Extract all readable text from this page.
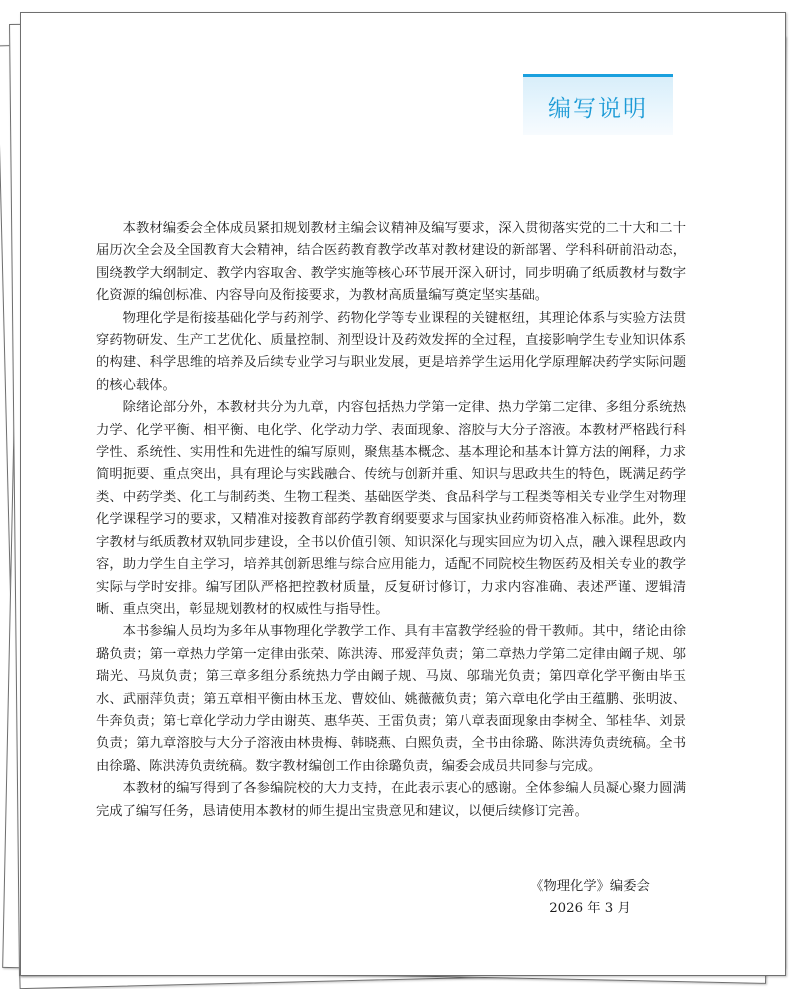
编写说明

本教材编委会全体成员紧扣规划教材主编会议精神及编写要求，深入贯彻落实党的二十大和二十届历次全会及全国教育大会精神，结合医药教育教学改革对教材建设的新部署、学科科研前沿动态，围绕教学大纲制定、教学内容取舍、教学实施等核心环节展开深入研讨，同步明确了纸质教材与数字化资源的编创标准、内容导向及衔接要求，为教材高质量编写奠定坚实基础。

物理化学是衔接基础化学与药剂学、药物化学等专业课程的关键枢纽，其理论体系与实验方法贯穿药物研发、生产工艺优化、质量控制、剂型设计及药效发挥的全过程，直接影响学生专业知识体系的构建、科学思维的培养及后续专业学习与职业发展，更是培养学生运用化学原理解决药学实际问题的核心载体。

除绪论部分外，本教材共分为九章，内容包括热力学第一定律、热力学第二定律、多组分系统热力学、化学平衡、相平衡、电化学、化学动力学、表面现象、溶胶与大分子溶液。本教材严格践行科学性、系统性、实用性和先进性的编写原则，聚焦基本概念、基本理论和基本计算方法的阐释，力求简明扼要、重点突出，具有理论与实践融合、传统与创新并重、知识与思政共生的特色，既满足药学类、中药学类、化工与制药类、生物工程类、基础医学类、食品科学与工程类等相关专业学生对物理化学课程学习的要求，又精准对接教育部药学教育纲要要求与国家执业药师资格准入标准。此外，数字教材与纸质教材双轨同步建设，全书以价值引领、知识深化与现实回应为切入点，融入课程思政内容，助力学生自主学习，培养其创新思维与综合应用能力，适配不同院校生物医药及相关专业的教学实际与学时安排。编写团队严格把控教材质量，反复研讨修订，力求内容准确、表述严谨、逻辑清晰、重点突出，彰显规划教材的权威性与指导性。

本书参编人员均为多年从事物理化学教学工作、具有丰富教学经验的骨干教师。其中，绪论由徐璐负责；第一章热力学第一定律由张荣、陈洪涛、邢爱萍负责；第二章热力学第二定律由阚子规、邬瑞光、马岚负责；第三章多组分系统热力学由阚子规、马岚、邬瑞光负责；第四章化学平衡由毕玉水、武丽萍负责；第五章相平衡由林玉龙、曹姣仙、姚薇薇负责；第六章电化学由王蕴鹏、张明波、牛奔负责；第七章化学动力学由谢英、惠华英、王雷负责；第八章表面现象由李树全、邹桂华、刘景负责；第九章溶胶与大分子溶液由林贵梅、韩晓燕、白熙负责，全书由徐璐、陈洪涛负责统稿。全书由徐璐、陈洪涛负责统稿。数字教材编创工作由徐璐负责，编委会成员共同参与完成。

本教材的编写得到了各参编院校的大力支持，在此表示衷心的感谢。全体参编人员凝心聚力圆满完成了编写任务，恳请使用本教材的师生提出宝贵意见和建议，以便后续修订完善。

《物理化学》编委会
2026 年 3 月
